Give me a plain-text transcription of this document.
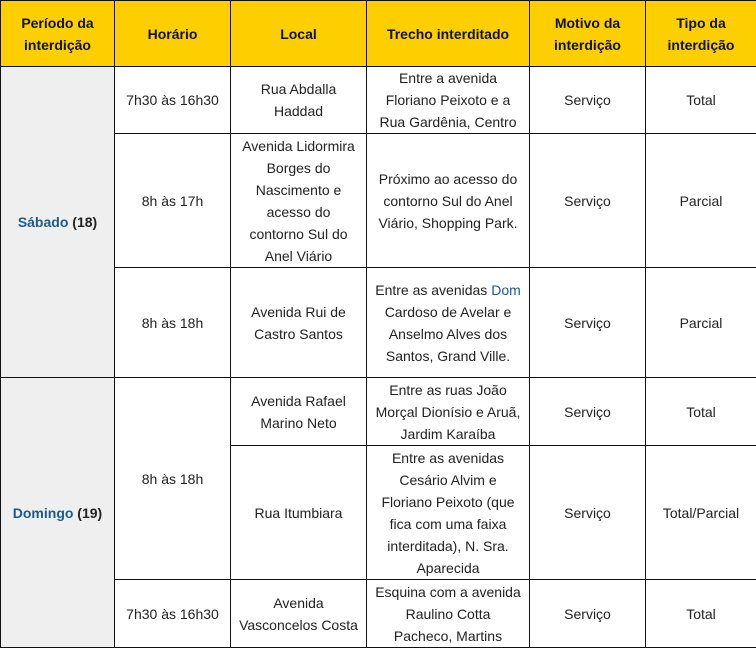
Período da interdição	Horário	Local	Trecho interditado	Motivo da interdição	Tipo da interdição
Sábado (18)	7h30 às 16h30	Rua Abdalla Haddad	Entre a avenida Floriano Peixoto e a Rua Gardênia, Centro	Serviço	Total
	8h às 17h	Avenida Lidormira Borges do Nascimento e acesso do contorno Sul do Anel Viário	Próximo ao acesso do contorno Sul do Anel Viário, Shopping Park.	Serviço	Parcial
	8h às 18h	Avenida Rui de Castro Santos	Entre as avenidas Dom Cardoso de Avelar e Anselmo Alves dos Santos, Grand Ville.	Serviço	Parcial
Domingo (19)	8h às 18h	Avenida Rafael Marino Neto	Entre as ruas João Morçal Dionísio e Aruã, Jardim Karaíba	Serviço	Total
		Rua Itumbiara	Entre as avenidas Cesário Alvim e Floriano Peixoto (que fica com uma faixa interditada), N. Sra. Aparecida	Serviço	Total/Parcial
	7h30 às 16h30	Avenida Vasconcelos Costa	Esquina com a avenida Raulino Cotta Pacheco, Martins	Serviço	Total
